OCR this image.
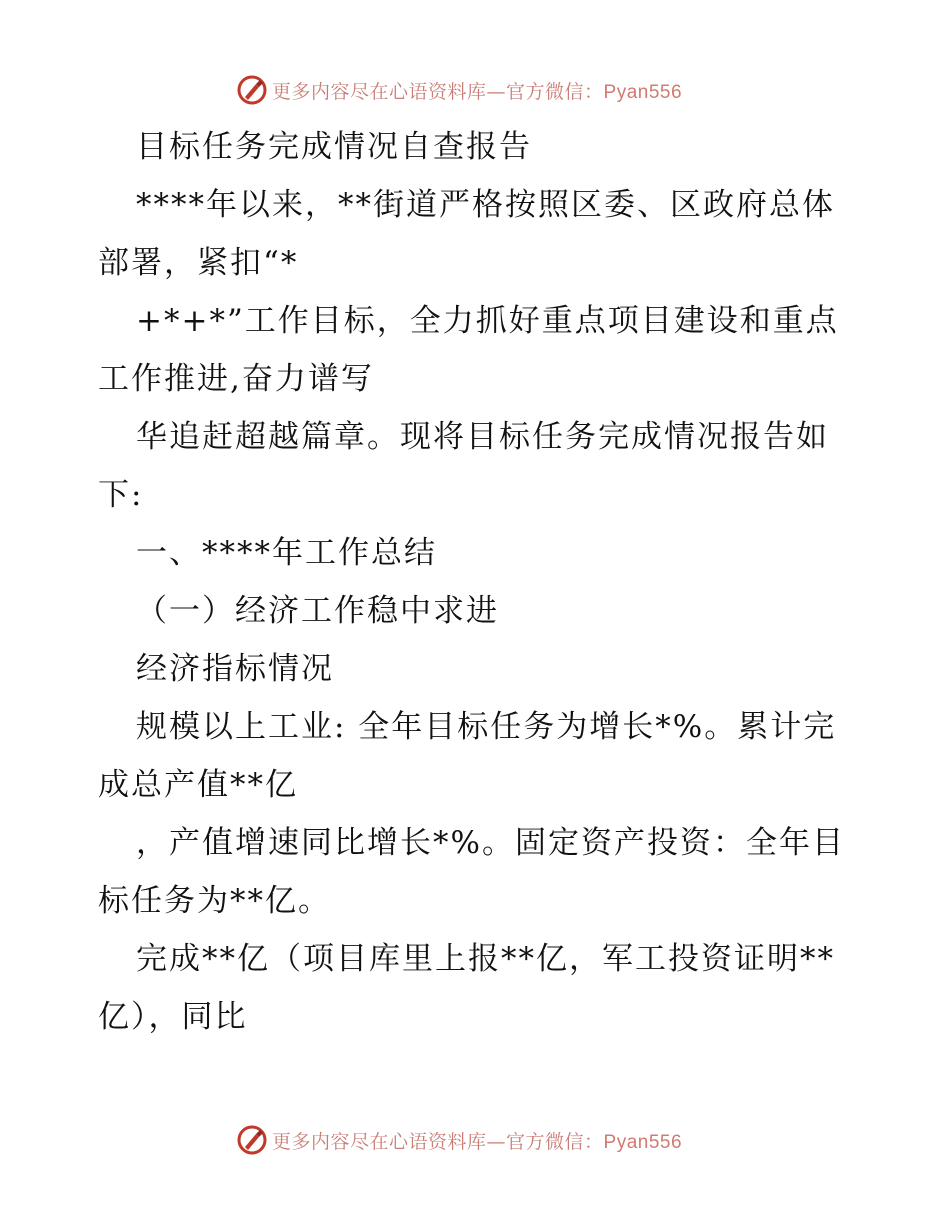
更多内容尽在心语资料库—官方微信：Pyan556
目标任务完成情况自查报告
****年以来，**街道严格按照区委、区政府总体
部署，紧扣“*
+*+*”工作目标，全力抓好重点项目建设和重点
工作推进,奋力谱写
华追赶超越篇章。现将目标任务完成情况报告如
下:
一、****年工作总结
（一）经济工作稳中求进
经济指标情况
规模以上工业: 全年目标任务为增长*%。累计完
成总产值**亿
，产值增速同比增长*%。固定资产投资：全年目
标任务为**亿。
完成**亿（项目库里上报**亿，军工投资证明**
亿），同比
更多内容尽在心语资料库—官方微信：Pyan556
